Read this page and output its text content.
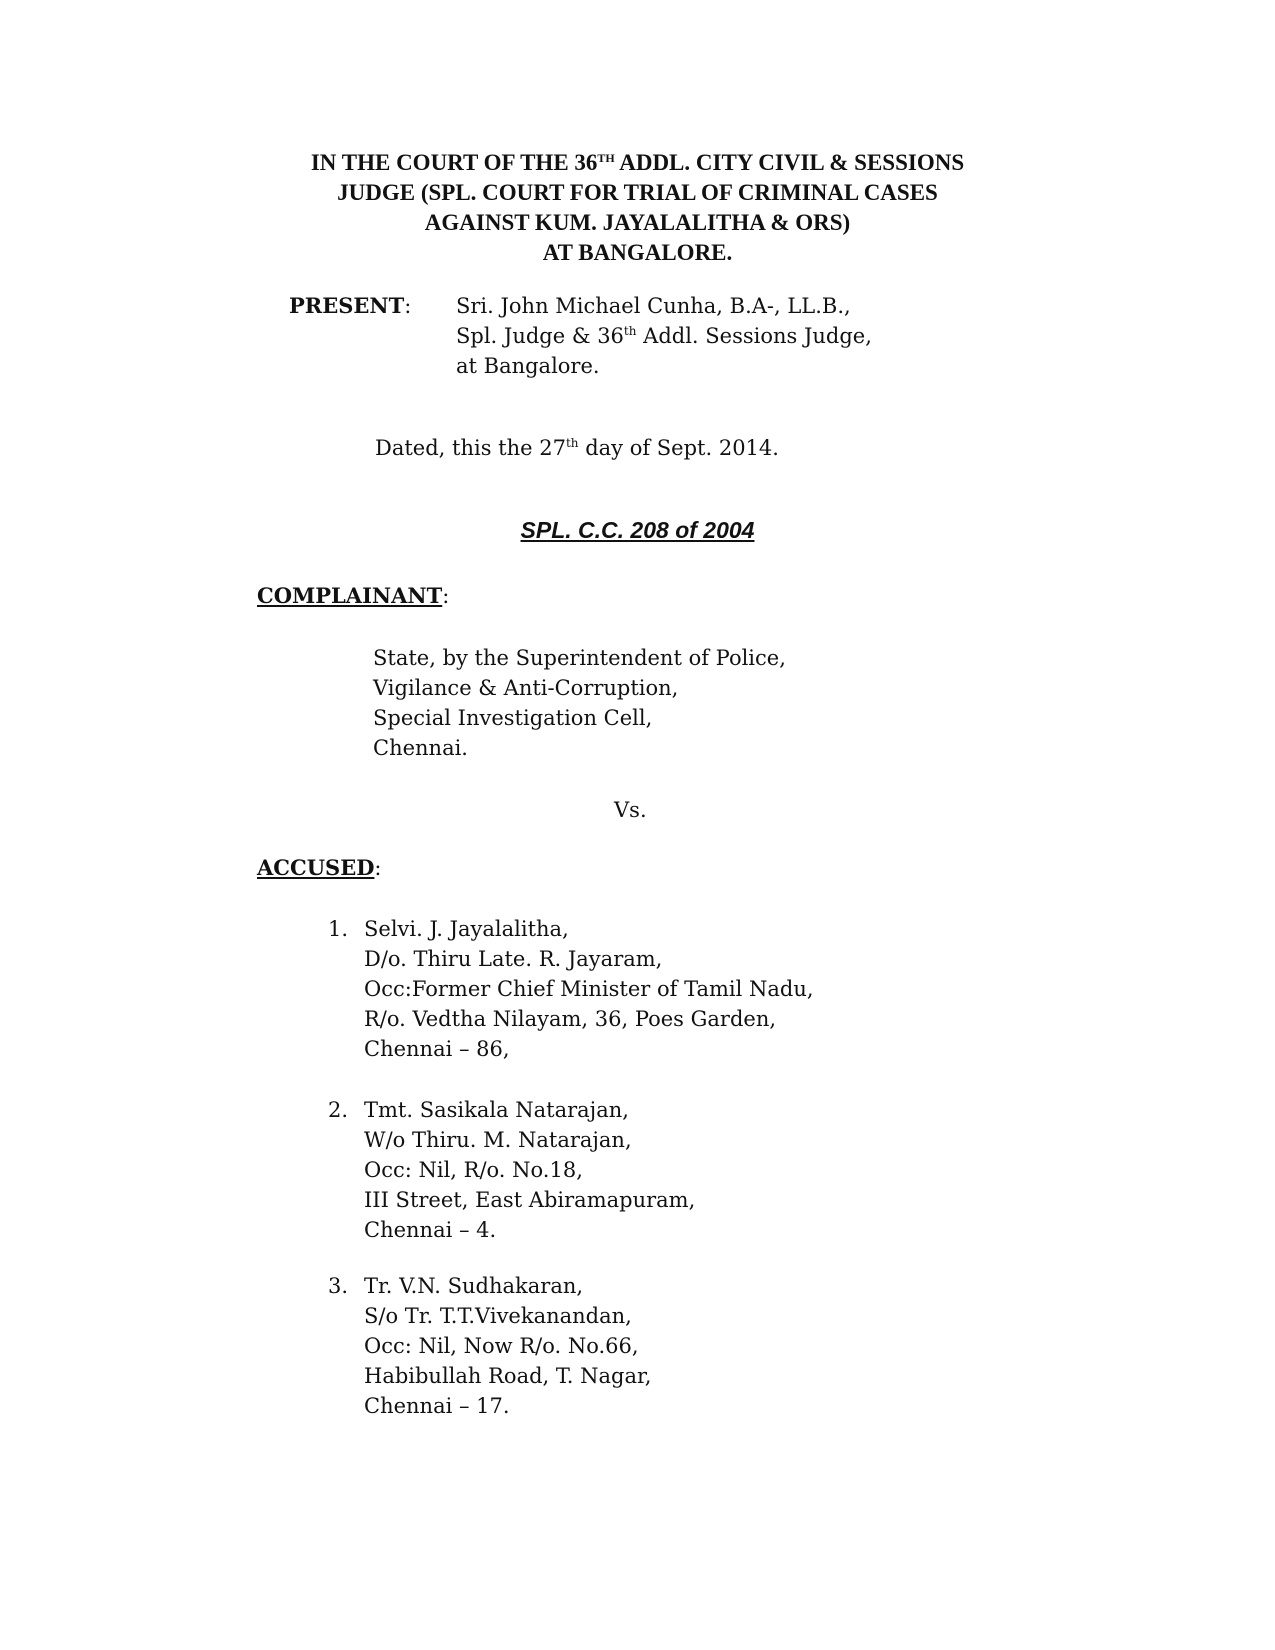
IN THE COURT OF THE 36TH ADDL. CITY CIVIL & SESSIONS
JUDGE (SPL. COURT FOR TRIAL OF CRIMINAL CASES
AGAINST KUM. JAYALALITHA & ORS)
AT BANGALORE.
PRESENT: Sri. John Michael Cunha, B.A-, LL.B.,
Spl. Judge & 36th Addl. Sessions Judge,
at Bangalore.
Dated, this the 27th day of Sept. 2014.
SPL. C.C. 208 of 2004
COMPLAINANT:
State, by the Superintendent of Police,
Vigilance & Anti-Corruption,
Special Investigation Cell,
Chennai.
Vs.
ACCUSED:
1. Selvi. J. Jayalalitha,
D/o. Thiru Late. R. Jayaram,
Occ:Former Chief Minister of Tamil Nadu,
R/o. Vedtha Nilayam, 36, Poes Garden,
Chennai – 86,
2. Tmt. Sasikala Natarajan,
W/o Thiru. M. Natarajan,
Occ: Nil, R/o. No.18,
III Street, East Abiramapuram,
Chennai – 4.
3. Tr. V.N. Sudhakaran,
S/o Tr. T.T.Vivekanandan,
Occ: Nil, Now R/o. No.66,
Habibullah Road, T. Nagar,
Chennai – 17.
